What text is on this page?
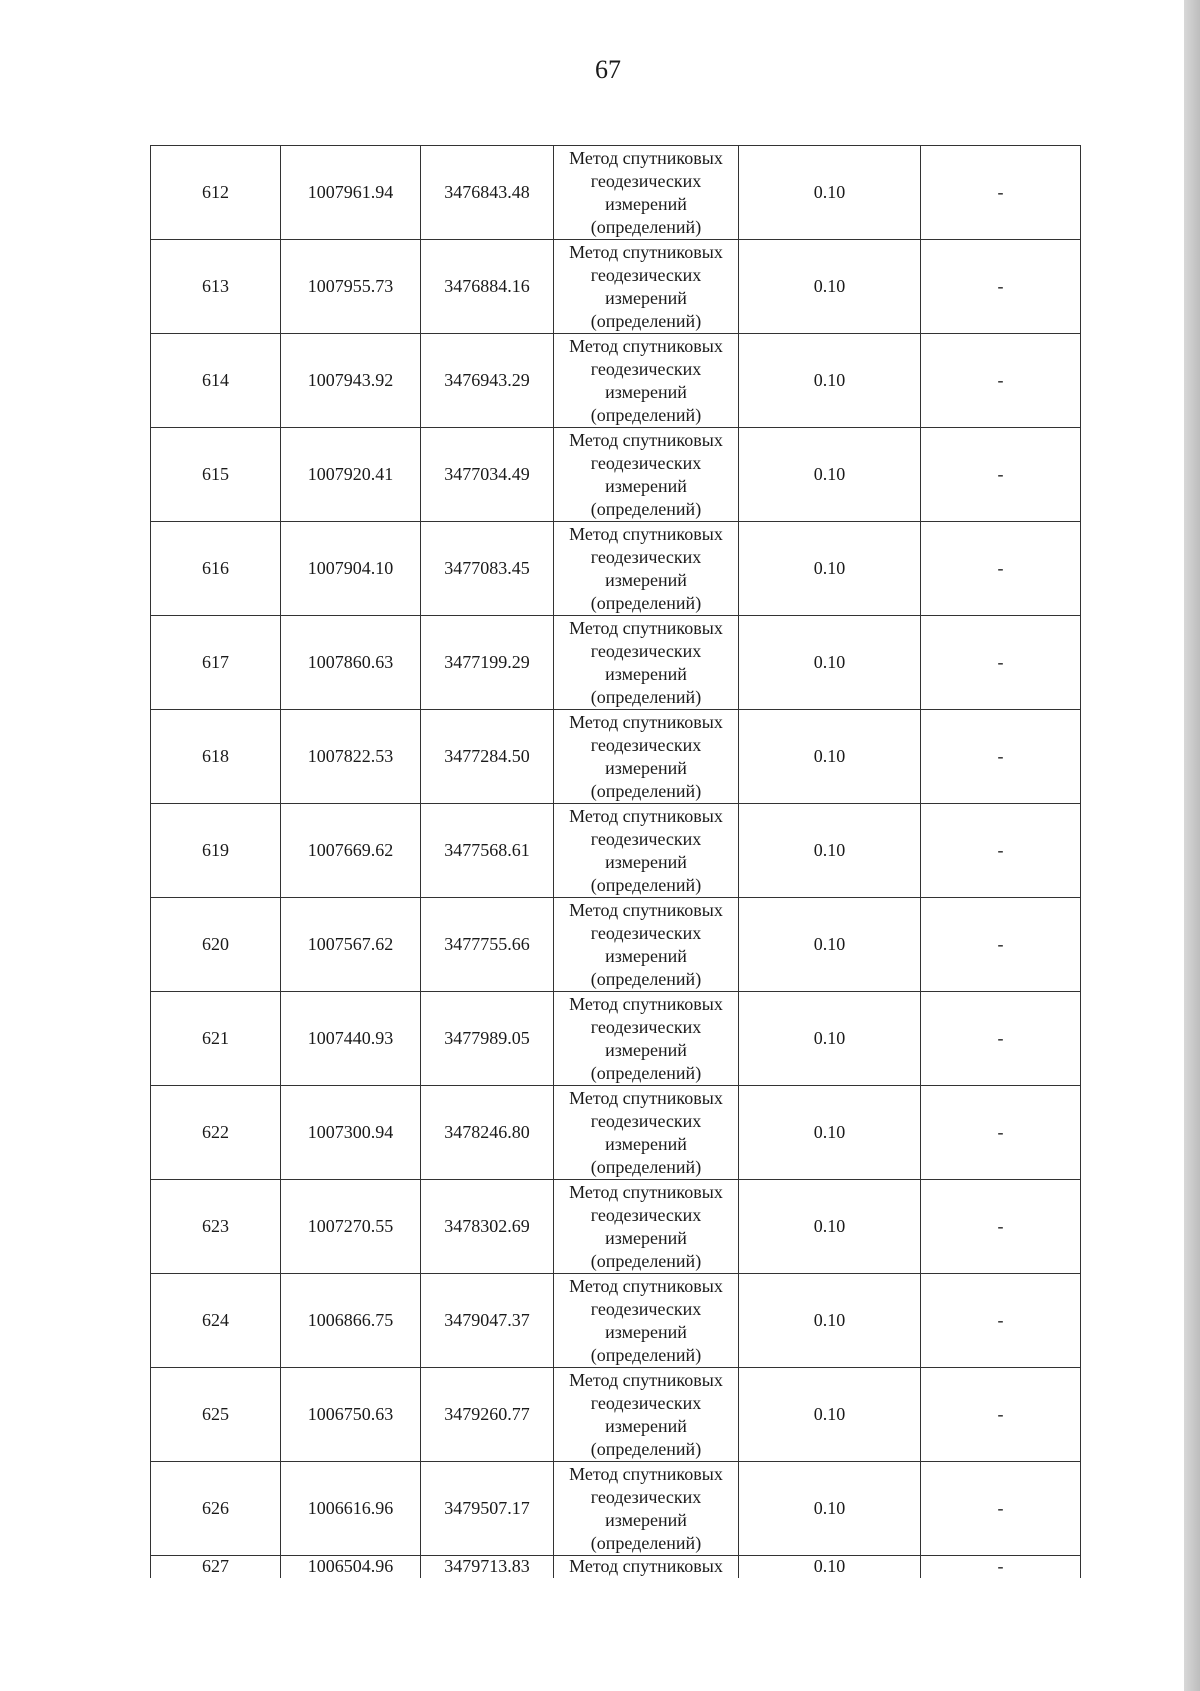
67
612	1007961.94	3476843.48	Метод спутниковых
геодезических
измерений
(определений)	0.10	-
613	1007955.73	3476884.16	Метод спутниковых
геодезических
измерений
(определений)	0.10	-
614	1007943.92	3476943.29	Метод спутниковых
геодезических
измерений
(определений)	0.10	-
615	1007920.41	3477034.49	Метод спутниковых
геодезических
измерений
(определений)	0.10	-
616	1007904.10	3477083.45	Метод спутниковых
геодезических
измерений
(определений)	0.10	-
617	1007860.63	3477199.29	Метод спутниковых
геодезических
измерений
(определений)	0.10	-
618	1007822.53	3477284.50	Метод спутниковых
геодезических
измерений
(определений)	0.10	-
619	1007669.62	3477568.61	Метод спутниковых
геодезических
измерений
(определений)	0.10	-
620	1007567.62	3477755.66	Метод спутниковых
геодезических
измерений
(определений)	0.10	-
621	1007440.93	3477989.05	Метод спутниковых
геодезических
измерений
(определений)	0.10	-
622	1007300.94	3478246.80	Метод спутниковых
геодезических
измерений
(определений)	0.10	-
623	1007270.55	3478302.69	Метод спутниковых
геодезических
измерений
(определений)	0.10	-
624	1006866.75	3479047.37	Метод спутниковых
геодезических
измерений
(определений)	0.10	-
625	1006750.63	3479260.77	Метод спутниковых
геодезических
измерений
(определений)	0.10	-
626	1006616.96	3479507.17	Метод спутниковых
геодезических
измерений
(определений)	0.10	-
627	1006504.96	3479713.83	Метод спутниковых	0.10	-
